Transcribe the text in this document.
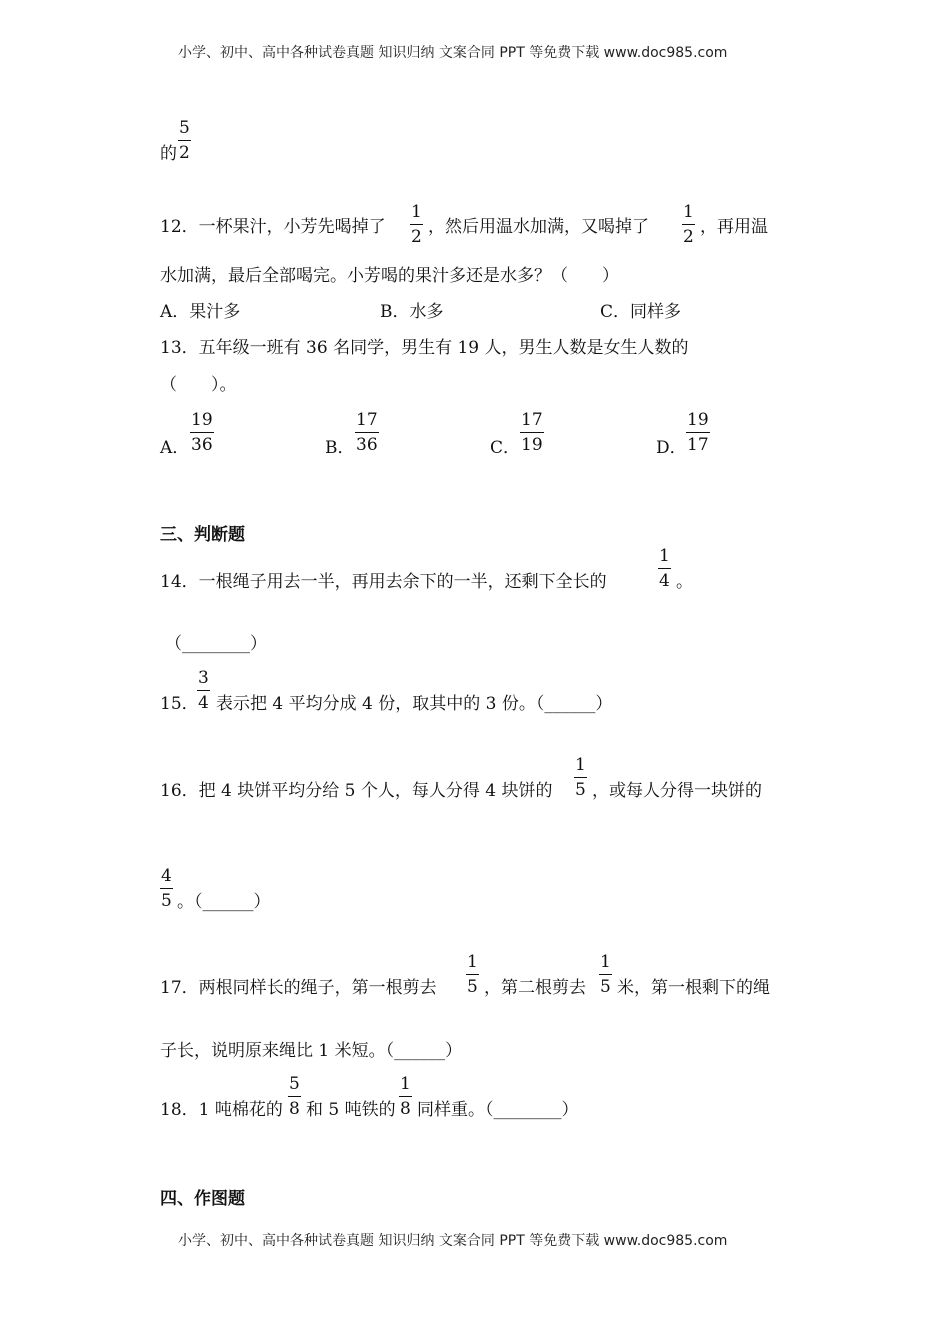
小学、初中、高中各种试卷真题 知识归纳 文案合同 PPT 等免费下载 www.doc985.com
5
2
的
12．一杯果汁，小芳先喝掉了
1
2 ，然后用温水加满，又喝掉了
1
2 ，再用温
水加满，最后全部喝完。小芳喝的果汁多还是水多？（　　）
A．果汁多	B．水多	C．同样多
13．五年级一班有 36 名同学，男生有 19 人，男生人数是女生人数的
（　　）。
A．
19
36	B．
17
36	C．
17
19	D．
19
17
三、判断题
14．一根绳子用去一半，再用去余下的一半，还剩下全长的
1
4 。
（________）
15．
3
4 表示把 4 平均分成 4 份，取其中的 3 份。（______）
16．把 4 块饼平均分给 5 个人，每人分得 4 块饼的
1
5 ，或每人分得一块饼的
4
5 。（______）
17．两根同样长的绳子，第一根剪去
1
5 ，第二根剪去
1
5 米，第一根剩下的绳
子长，说明原来绳比 1 米短。（______）
18．1 吨棉花的
5
8 和 5 吨铁的
1
8 同样重。（________）
四、作图题
小学、初中、高中各种试卷真题 知识归纳 文案合同 PPT 等免费下载 www.doc985.com
